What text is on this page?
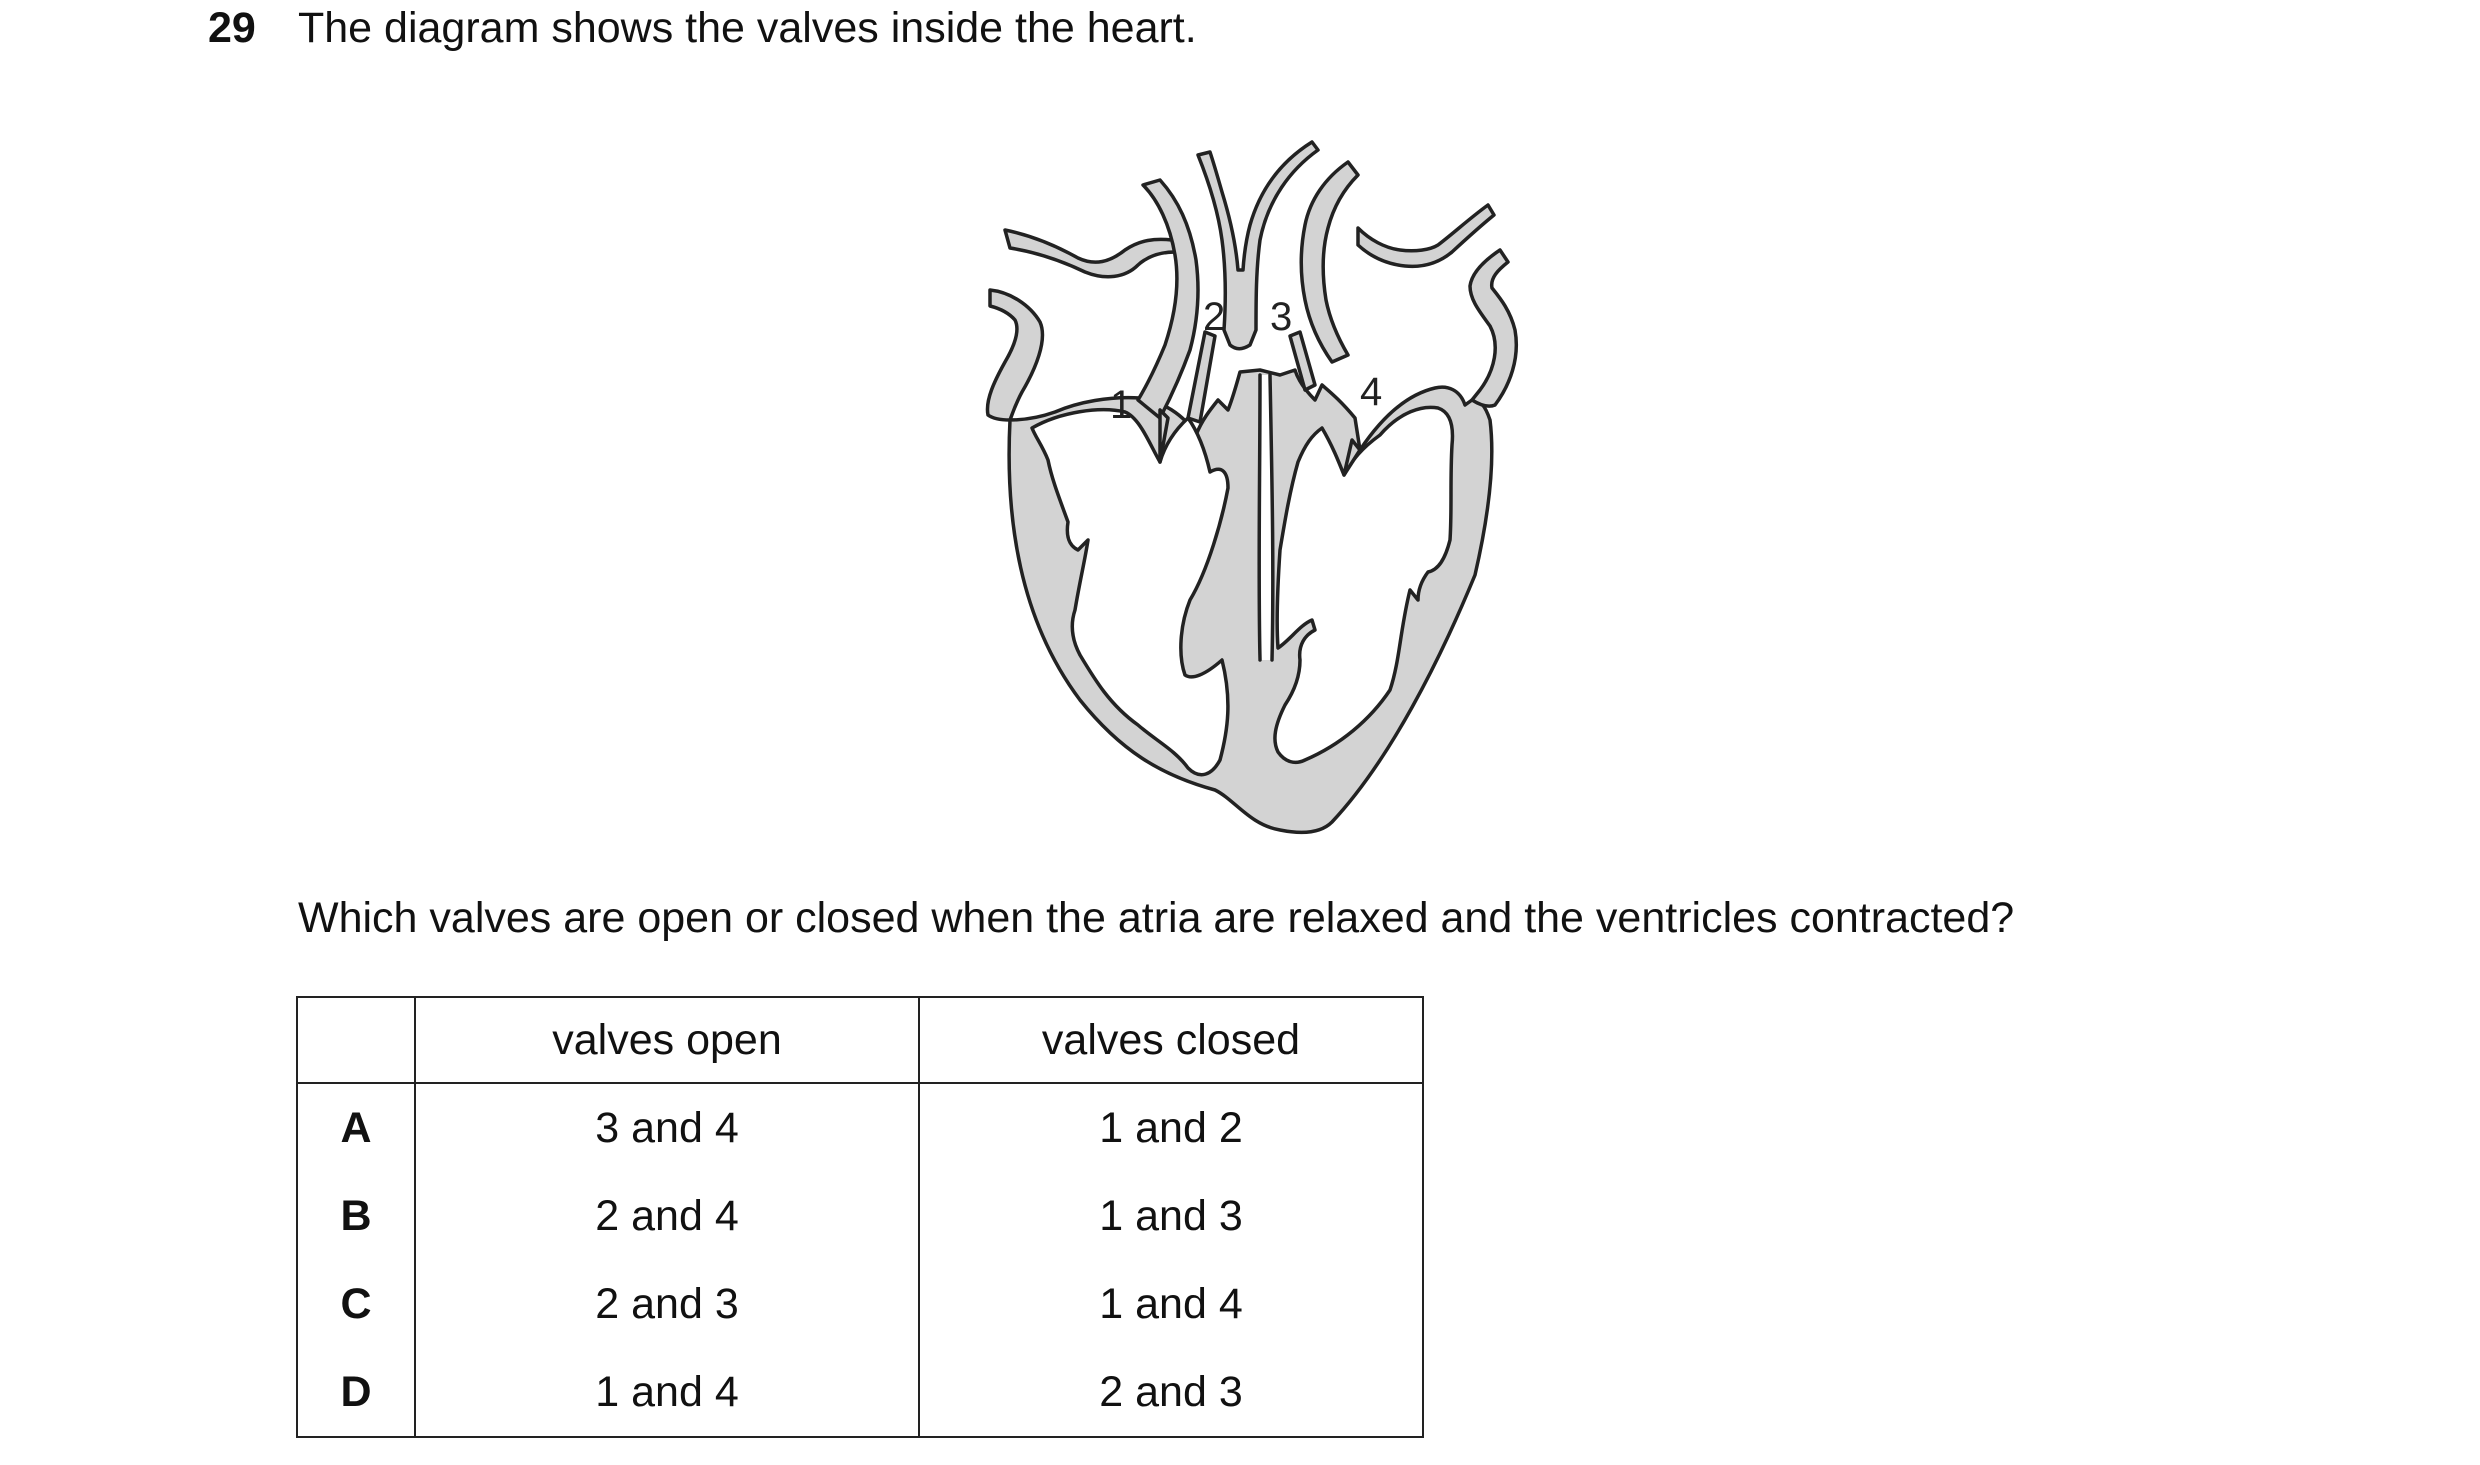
29 The diagram shows the valves inside the heart.
1
2 3
4
Which valves are open or closed when the atria are relaxed and the ventricles contracted?
	valves open	valves closed
A	3 and 4	1 and 2
B	2 and 4	1 and 3
C	2 and 3	1 and 4
D	1 and 4	2 and 3
